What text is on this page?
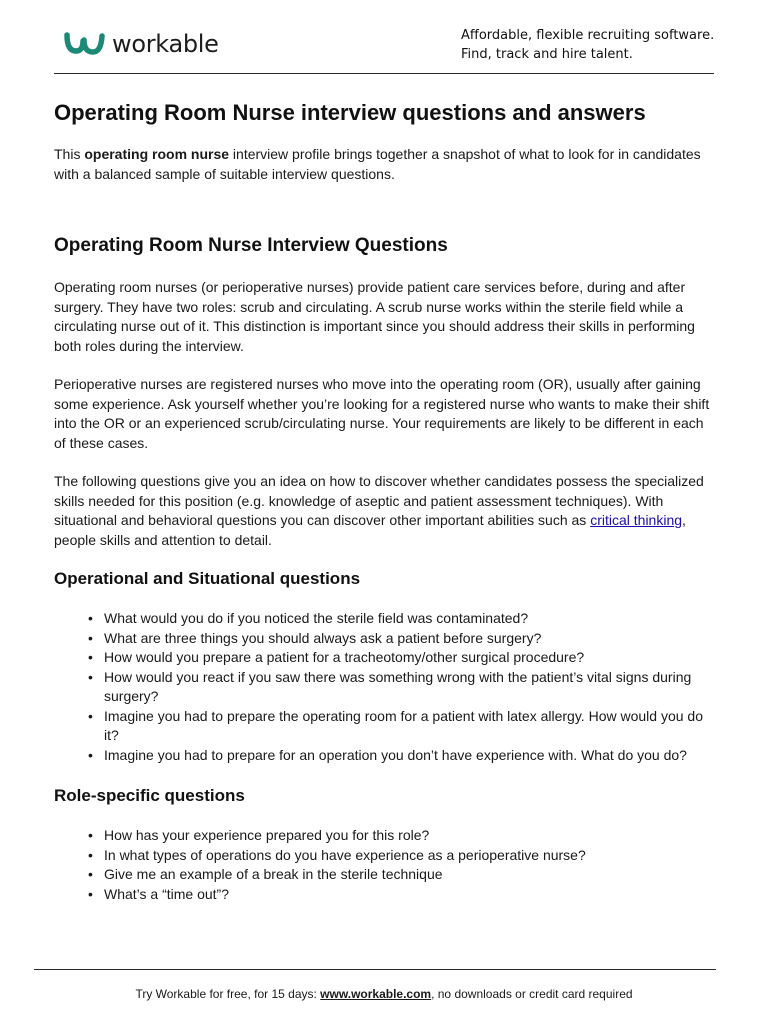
workable	Affordable, flexible recruiting software.
Find, track and hire talent.
Operating Room Nurse interview questions and answers

This operating room nurse interview profile brings together a snapshot of what to look for in candidates with a balanced sample of suitable interview questions.

Operating Room Nurse Interview Questions

Operating room nurses (or perioperative nurses) provide patient care services before, during and after surgery. They have two roles: scrub and circulating. A scrub nurse works within the sterile field while a circulating nurse out of it. This distinction is important since you should address their skills in performing both roles during the interview.

Perioperative nurses are registered nurses who move into the operating room (OR), usually after gaining some experience. Ask yourself whether you’re looking for a registered nurse who wants to make their shift into the OR or an experienced scrub/circulating nurse. Your requirements are likely to be different in each of these cases.

The following questions give you an idea on how to discover whether candidates possess the specialized skills needed for this position (e.g. knowledge of aseptic and patient assessment techniques). With situational and behavioral questions you can discover other important abilities such as critical thinking, people skills and attention to detail.

Operational and Situational questions
• What would you do if you noticed the sterile field was contaminated?
• What are three things you should always ask a patient before surgery?
• How would you prepare a patient for a tracheotomy/other surgical procedure?
• How would you react if you saw there was something wrong with the patient’s vital signs during surgery?
• Imagine you had to prepare the operating room for a patient with latex allergy. How would you do it?
• Imagine you had to prepare for an operation you don’t have experience with. What do you do?
Role-specific questions
• How has your experience prepared you for this role?
• In what types of operations do you have experience as a perioperative nurse?
• Give me an example of a break in the sterile technique
• What’s a “time out”?
Try Workable for free, for 15 days: www.workable.com, no downloads or credit card required
